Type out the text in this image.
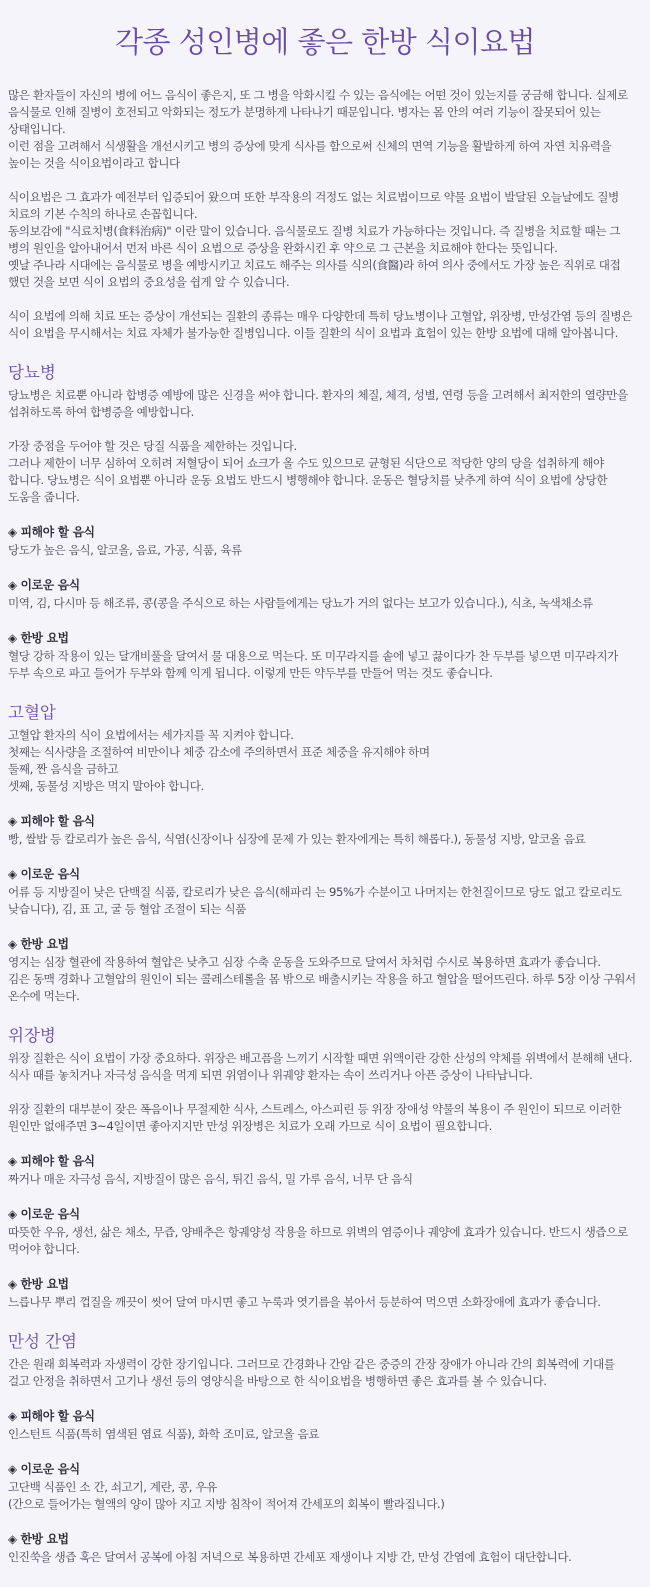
각종 성인병에 좋은 한방 식이요법
많은 환자들이 자신의 병에 어느 음식이 좋은지, 또 그 병을 악화시킬 수 있는 음식에는 어떤 것이 있는지를 궁금해 합니다. 실제로
음식물로 인해 질병이 호전되고 악화되는 정도가 분명하게 나타나기 때문입니다. 병자는 몸 안의 여러 기능이 잘못되어 있는
상태입니다.
이런 점을 고려해서 식생활을 개선시키고 병의 증상에 맞게 식사를 함으로써 신체의 면역 기능을 활발하게 하여 자연 치유력을
높이는 것을 식이요법이라고 합니다
식이요법은 그 효과가 예전부터 입증되어 왔으며 또한 부작용의 걱정도 없는 치료법이므로 약물 요법이 발달된 오늘날에도 질병
치료의 기본 수칙의 하나로 손꼽힙니다.
동의보감에 "식료치병(食料治病)" 이란 말이 있습니다. 음식물로도 질병 치료가 가능하다는 것입니다. 즉 질병을 치료할 때는 그
병의 원인을 알아내어서 먼저 바른 식이 요법으로 증상을 완화시킨 후 약으로 그 근본을 치료해야 한다는 뜻입니다.
옛날 주나라 시대에는 음식물로 병을 예방시키고 치료도 해주는 의사를 식의(食醫)라 하여 의사 중에서도 가장 높은 직위로 대접
했던 것을 보면 식이 요법의 중요성을 쉽게 알 수 있습니다.
식이 요법에 의해 치료 또는 증상이 개선되는 질환의 종류는 매우 다양한데 특히 당뇨병이나 고혈압, 위장병, 만성간염 등의 질병은
식이 요법을 무시해서는 치료 자체가 불가능한 질병입니다. 이들 질환의 식이 요법과 효험이 있는 한방 요법에 대해 알아봅니다.
당뇨병
당뇨병은 치료뿐 아니라 합병증 예방에 많은 신경을 써야 합니다. 환자의 체질, 체격, 성별, 연령 등을 고려해서 최저한의 열량만을
섭취하도록 하여 합병증을 예방합니다.
가장 중점을 두어야 할 것은 당질 식품을 제한하는 것입니다.
그러나 제한이 너무 심하여 오히려 저혈당이 되어 쇼크가 올 수도 있으므로 균형된 식단으로 적당한 양의 당을 섭취하게 해야
합니다. 당뇨병은 식이 요법뿐 아니라 운동 요법도 반드시 병행해야 합니다. 운동은 혈당치를 낮추게 하여 식이 요법에 상당한
도움을 줍니다.
◈ 피해야 할 음식
당도가 높은 음식, 알코올, 음료, 가공, 식품, 육류
◈ 이로운 음식
미역, 김, 다시마 등 해조류, 콩(콩을 주식으로 하는 사람들에게는 당뇨가 거의 없다는 보고가 있습니다.), 식초, 녹색채소류
◈ 한방 요법
혈당 강하 작용이 있는 달개비풀을 달여서 물 대용으로 먹는다. 또 미꾸라지를 솥에 넣고 끓이다가 찬 두부를 넣으면 미꾸라지가
두부 속으로 파고 들어가 두부와 함께 익게 됩니다. 이렇게 만든 약두부를 만들어 먹는 것도 좋습니다.
고혈압
고혈압 환자의 식이 요법에서는 세가지를 꼭 지켜야 합니다.
첫째는 식사량을 조절하여 비만이나 체중 감소에 주의하면서 표준 체중을 유지해야 하며
둘째, 짠 음식을 금하고
셋째, 동물성 지방은 먹지 말아야 합니다.
◈ 피해야 할 음식
빵, 쌀밥 등 칼로리가 높은 음식, 식염(신장이나 심장에 문제 가 있는 환자에게는 특히 해롭다.), 동물성 지방, 알코올 음료
◈ 이로운 음식
어류 등 지방질이 낮은 단백질 식품, 칼로리가 낮은 음식(해파리 는 95%가 수분이고 나머지는 한천질이므로 당도 없고 칼로리도
낮습니다), 김, 표 고, 굴 등 혈압 조절이 되는 식품
◈ 한방 요법
영지는 심장 혈관에 작용하여 혈압은 낮추고 심장 수축 운동을 도와주므로 달여서 차처럼 수시로 복용하면 효과가 좋습니다.
김은 동맥 경화나 고혈압의 원인이 되는 콜레스테롤을 몸 밖으로 배출시키는 작용을 하고 혈압을 떨어뜨린다. 하루 5장 이상 구워서
온수에 먹는다.
위장병
위장 질환은 식이 요법이 가장 중요하다. 위장은 배고픔을 느끼기 시작할 때면 위액이란 강한 산성의 약체를 위벽에서 분해해 낸다.
식사 때를 놓치거나 자극성 음식을 먹게 되면 위염이나 위궤양 환자는 속이 쓰리거나 아픈 증상이 나타납니다.
위장 질환의 대부분이 잦은 폭음이나 무절제한 식사, 스트레스, 아스피린 등 위장 장애성 약물의 복용이 주 원인이 되므로 이러한
원인만 없애주면 3~4일이면 좋아지지만 만성 위장병은 치료가 오래 가므로 식이 요법이 필요합니다.
◈ 피해야 할 음식
짜거나 매운 자극성 음식, 지방질이 많은 음식, 튀긴 음식, 밀 가루 음식, 너무 단 음식
◈ 이로운 음식
따뜻한 우유, 생선, 삶은 채소, 무즙, 양배추은 항궤양성 작용을 하므로 위벽의 염증이나 궤양에 효과가 있습니다. 반드시 생즙으로
먹어야 합니다.
◈ 한방 요법
느릅나무 뿌리 껍질을 깨끗이 씻어 달여 마시면 좋고 누룩과 엿기름을 볶아서 등분하여 먹으면 소화장애에 효과가 좋습니다.
만성 간염
간은 원래 회복력과 자생력이 강한 장기입니다. 그러므로 간경화나 간암 같은 중증의 간장 장애가 아니라 간의 회복력에 기대를
걸고 안정을 취하면서 고기나 생선 등의 영양식을 바탕으로 한 식이요법을 병행하면 좋은 효과를 볼 수 있습니다.
◈ 피해야 할 음식
인스턴트 식품(특히 염색된 염료 식품), 화학 조미료, 알코올 음료
◈ 이로운 음식
고단백 식품인 소 간, 쇠고기, 계란, 콩, 우유
(간으로 들어가는 혈액의 양이 많아 지고 지방 침착이 적어져 간세포의 회복이 빨라집니다.)
◈ 한방 요법
인진쑥을 생즙 혹은 달여서 공복에 아침 저녁으로 복용하면 간세포 재생이나 지방 간, 만성 간염에 효험이 대단합니다.
